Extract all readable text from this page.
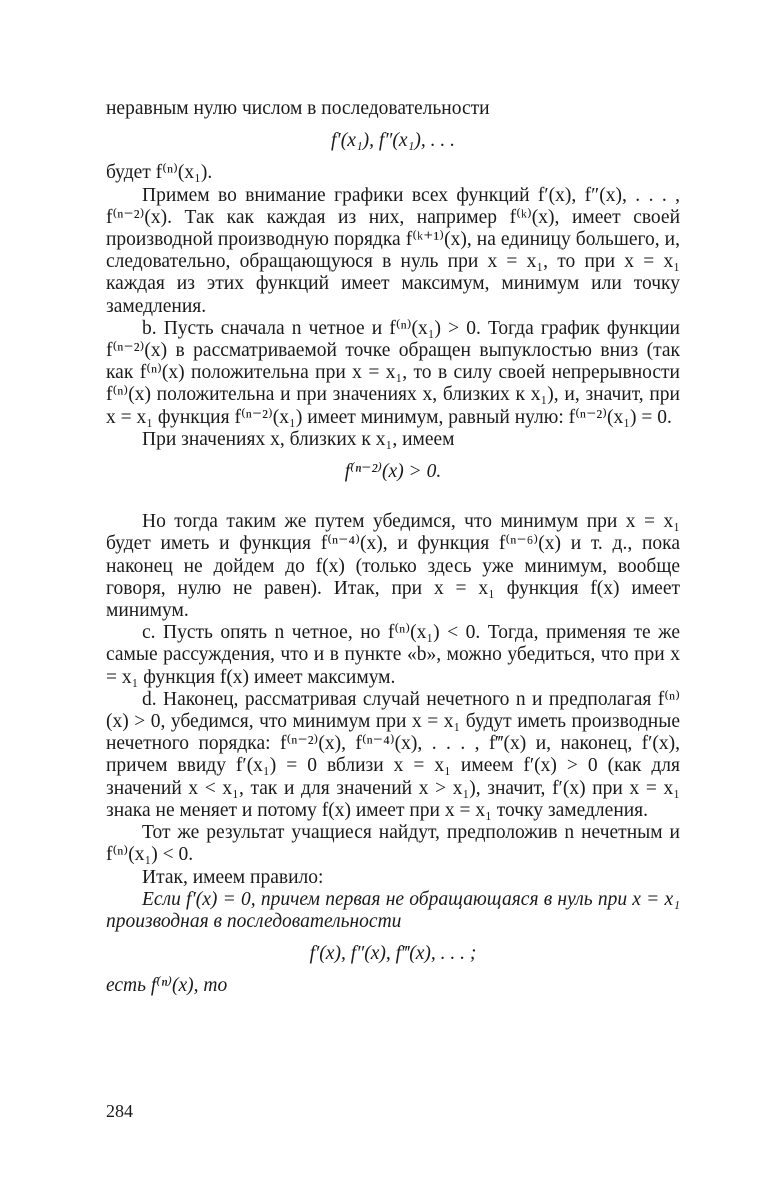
неравным нулю числом в последовательности

f′(x₁), f″(x₁), . . .

будет f⁽ⁿ⁾(x₁).

Примем во внимание графики всех функций f′(x), f″(x), . . . , f⁽ⁿ⁻²⁾(x). Так как каждая из них, например f⁽ᵏ⁾(x), имеет своей производной производную порядка f⁽ᵏ⁺¹⁾(x), на единицу большего, и, следовательно, обращающуюся в нуль при x = x₁, то при x = x₁ каждая из этих функций имеет максимум, минимум или точку замедления.

b. Пусть сначала n четное и f⁽ⁿ⁾(x₁) > 0. Тогда график функции f⁽ⁿ⁻²⁾(x) в рассматриваемой точке обращен выпуклостью вниз (так как f⁽ⁿ⁾(x) положительна при x = x₁, то в силу своей непрерывности f⁽ⁿ⁾(x) положительна и при значениях x, близких к x₁), и, значит, при x = x₁ функция f⁽ⁿ⁻²⁾(x₁) имеет минимум, равный нулю: f⁽ⁿ⁻²⁾(x₁) = 0.

При значениях x, близких к x₁, имеем

f⁽ⁿ⁻²⁾(x) > 0.

Но тогда таким же путем убедимся, что минимум при x = x₁ будет иметь и функция f⁽ⁿ⁻⁴⁾(x), и функция f⁽ⁿ⁻⁶⁾(x) и т. д., пока наконец не дойдем до f(x) (только здесь уже минимум, вообще говоря, нулю не равен). Итак, при x = x₁ функция f(x) имеет минимум.

c. Пусть опять n четное, но f⁽ⁿ⁾(x₁) < 0. Тогда, применяя те же самые рассуждения, что и в пункте «b», можно убедиться, что при x = x₁ функция f(x) имеет максимум.

d. Наконец, рассматривая случай нечетного n и предполагая f⁽ⁿ⁾(x) > 0, убедимся, что минимум при x = x₁ будут иметь производные нечетного порядка: f⁽ⁿ⁻²⁾(x), f⁽ⁿ⁻⁴⁾(x), . . . , f‴(x) и, наконец, f′(x), причем ввиду f′(x₁) = 0 вблизи x = x₁ имеем f′(x) > 0 (как для значений x < x₁, так и для значений x > x₁), значит, f′(x) при x = x₁ знака не меняет и потому f(x) имеет при x = x₁ точку замедления.

Тот же результат учащиеся найдут, предположив n нечетным и f⁽ⁿ⁾(x₁) < 0.

Итак, имеем правило:

Если f′(x) = 0, причем первая не обращающаяся в нуль при x = x₁ производная в последовательности

f′(x), f″(x), f‴(x), . . . ;

есть f⁽ⁿ⁾(x), то

284
